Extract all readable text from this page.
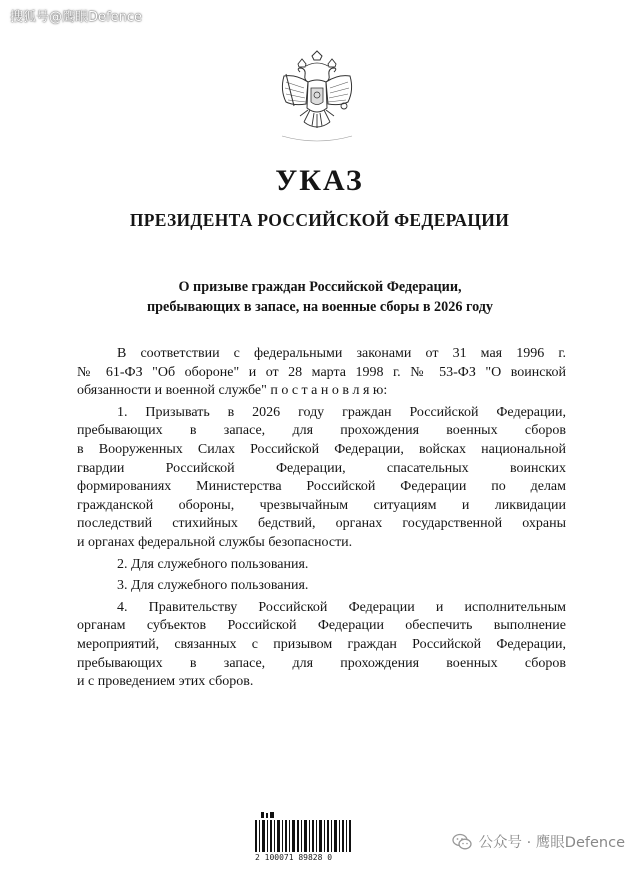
搜狐号@鹰眼Defence
УКАЗ
ПРЕЗИДЕНТА РОССИЙСКОЙ ФЕДЕРАЦИИ
О призыве граждан Российской Федерации,
пребывающих в запасе, на военные сборы в 2026 году
В соответствии с федеральными законами от 31 мая 1996 г.
№ 61-ФЗ "Об обороне" и от 28 марта 1998 г. № 53-ФЗ "О воинской
обязанности и военной службе" п о с т а н о в л я ю:
1. Призывать в 2026 году граждан Российской Федерации,
пребывающих в запасе, для прохождения военных сборов
в Вооруженных Силах Российской Федерации, войсках национальной
гвардии Российской Федерации, спасательных воинских
формированиях Министерства Российской Федерации по делам
гражданской обороны, чрезвычайным ситуациям и ликвидации
последствий стихийных бедствий, органах государственной охраны
и органах федеральной службы безопасности.
2. Для служебного пользования.
3. Для служебного пользования.
4. Правительству Российской Федерации и исполнительным
органам субъектов Российской Федерации обеспечить выполнение
мероприятий, связанных с призывом граждан Российской Федерации,
пребывающих в запасе, для прохождения военных сборов
и с проведением этих сборов.
2 100071 89828 0
公众号 · 鹰眼Defence
